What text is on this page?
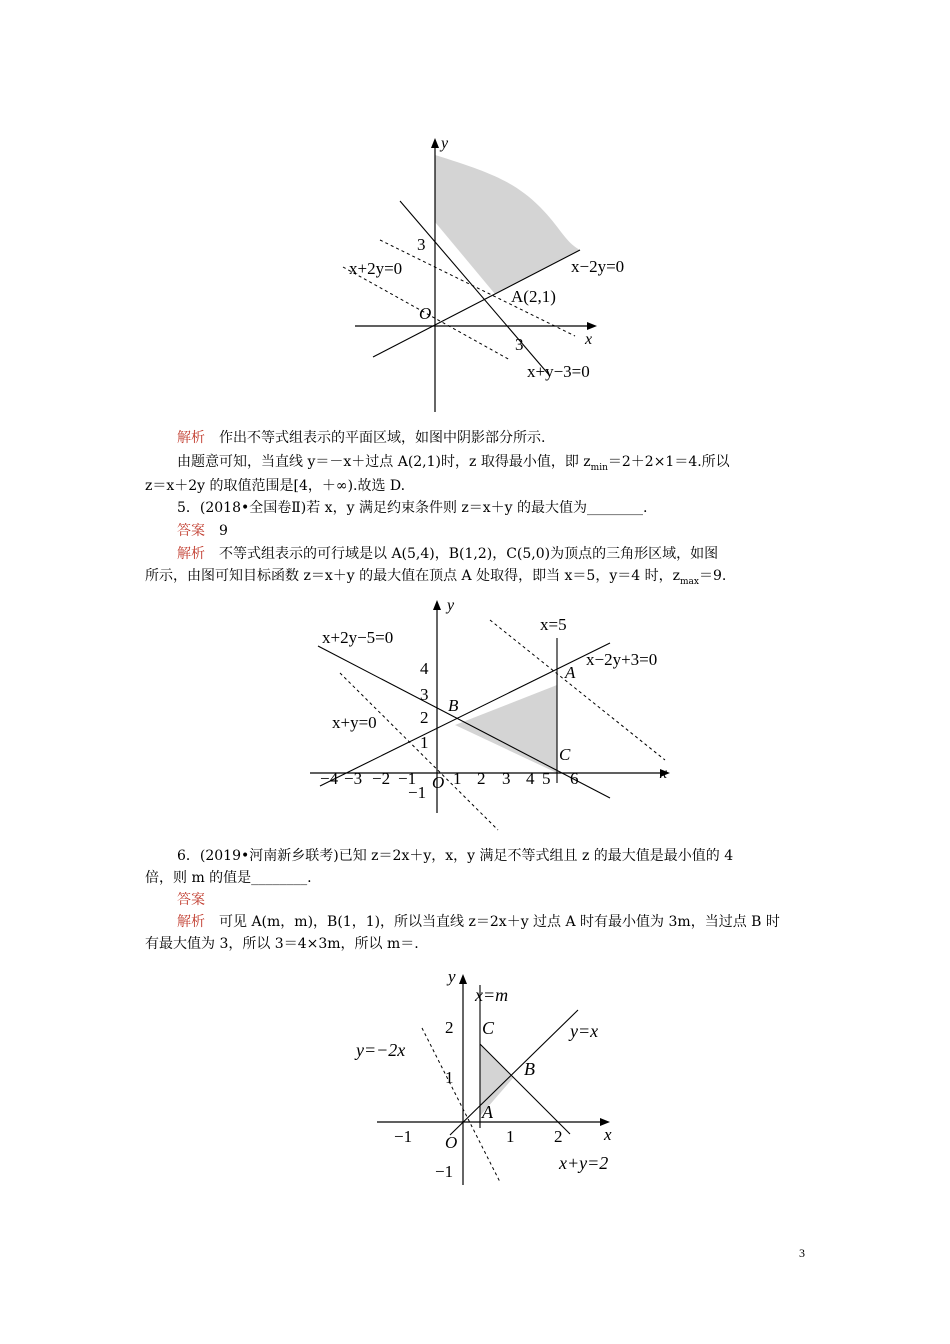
y
x
O
3
3
x+2y=0	x−2y=0
A(2,1)
x+y−3=0
解析　作出不等式组表示的平面区域，如图中阴影部分所示.
由题意可知，当直线 y＝－x＋过点 A(2,1)时，z 取得最小值，即 $z_{min}=2+2\times 1=4$.所以
z＝x＋2y 的取值范围是[4，＋∞).故选 D.
5．(2018•全国卷Ⅱ)若 x，y 满足约束条件则 z＝x＋y 的最大值为________.
答案　9
解析　不等式组表示的可行域是以 A(5,4)，B(1,2)，C(5,0)为顶点的三角形区域，如图
所示，由图可知目标函数 z＝x＋y 的最大值在顶点 A 处取得，即当 x＝5，y＝4 时，$z_{max}=9$.
y
x
O
−4 −3 −2 −1 1 2 3 4 5 6
4
3
2
1
−1
x=5
x+2y−5=0
x−2y+3=0
x+y=0
A
B
C
6．(2019•河南新乡联考)已知 z＝2x＋y，x，y 满足不等式组且 z 的最大值是最小值的 4
倍，则 m 的值是________.
答案
解析　可见 A(m，m)，B(1，1)，所以当直线 z＝2x＋y 过点 A 时有最小值为 3m，当过点 B 时
有最大值为 3，所以 3＝4×3m，所以 m＝.
y
x
O
−1	1 2
2
1
−1
x=m
y=x
y=−2x
x+y=2
C
B
A
3
